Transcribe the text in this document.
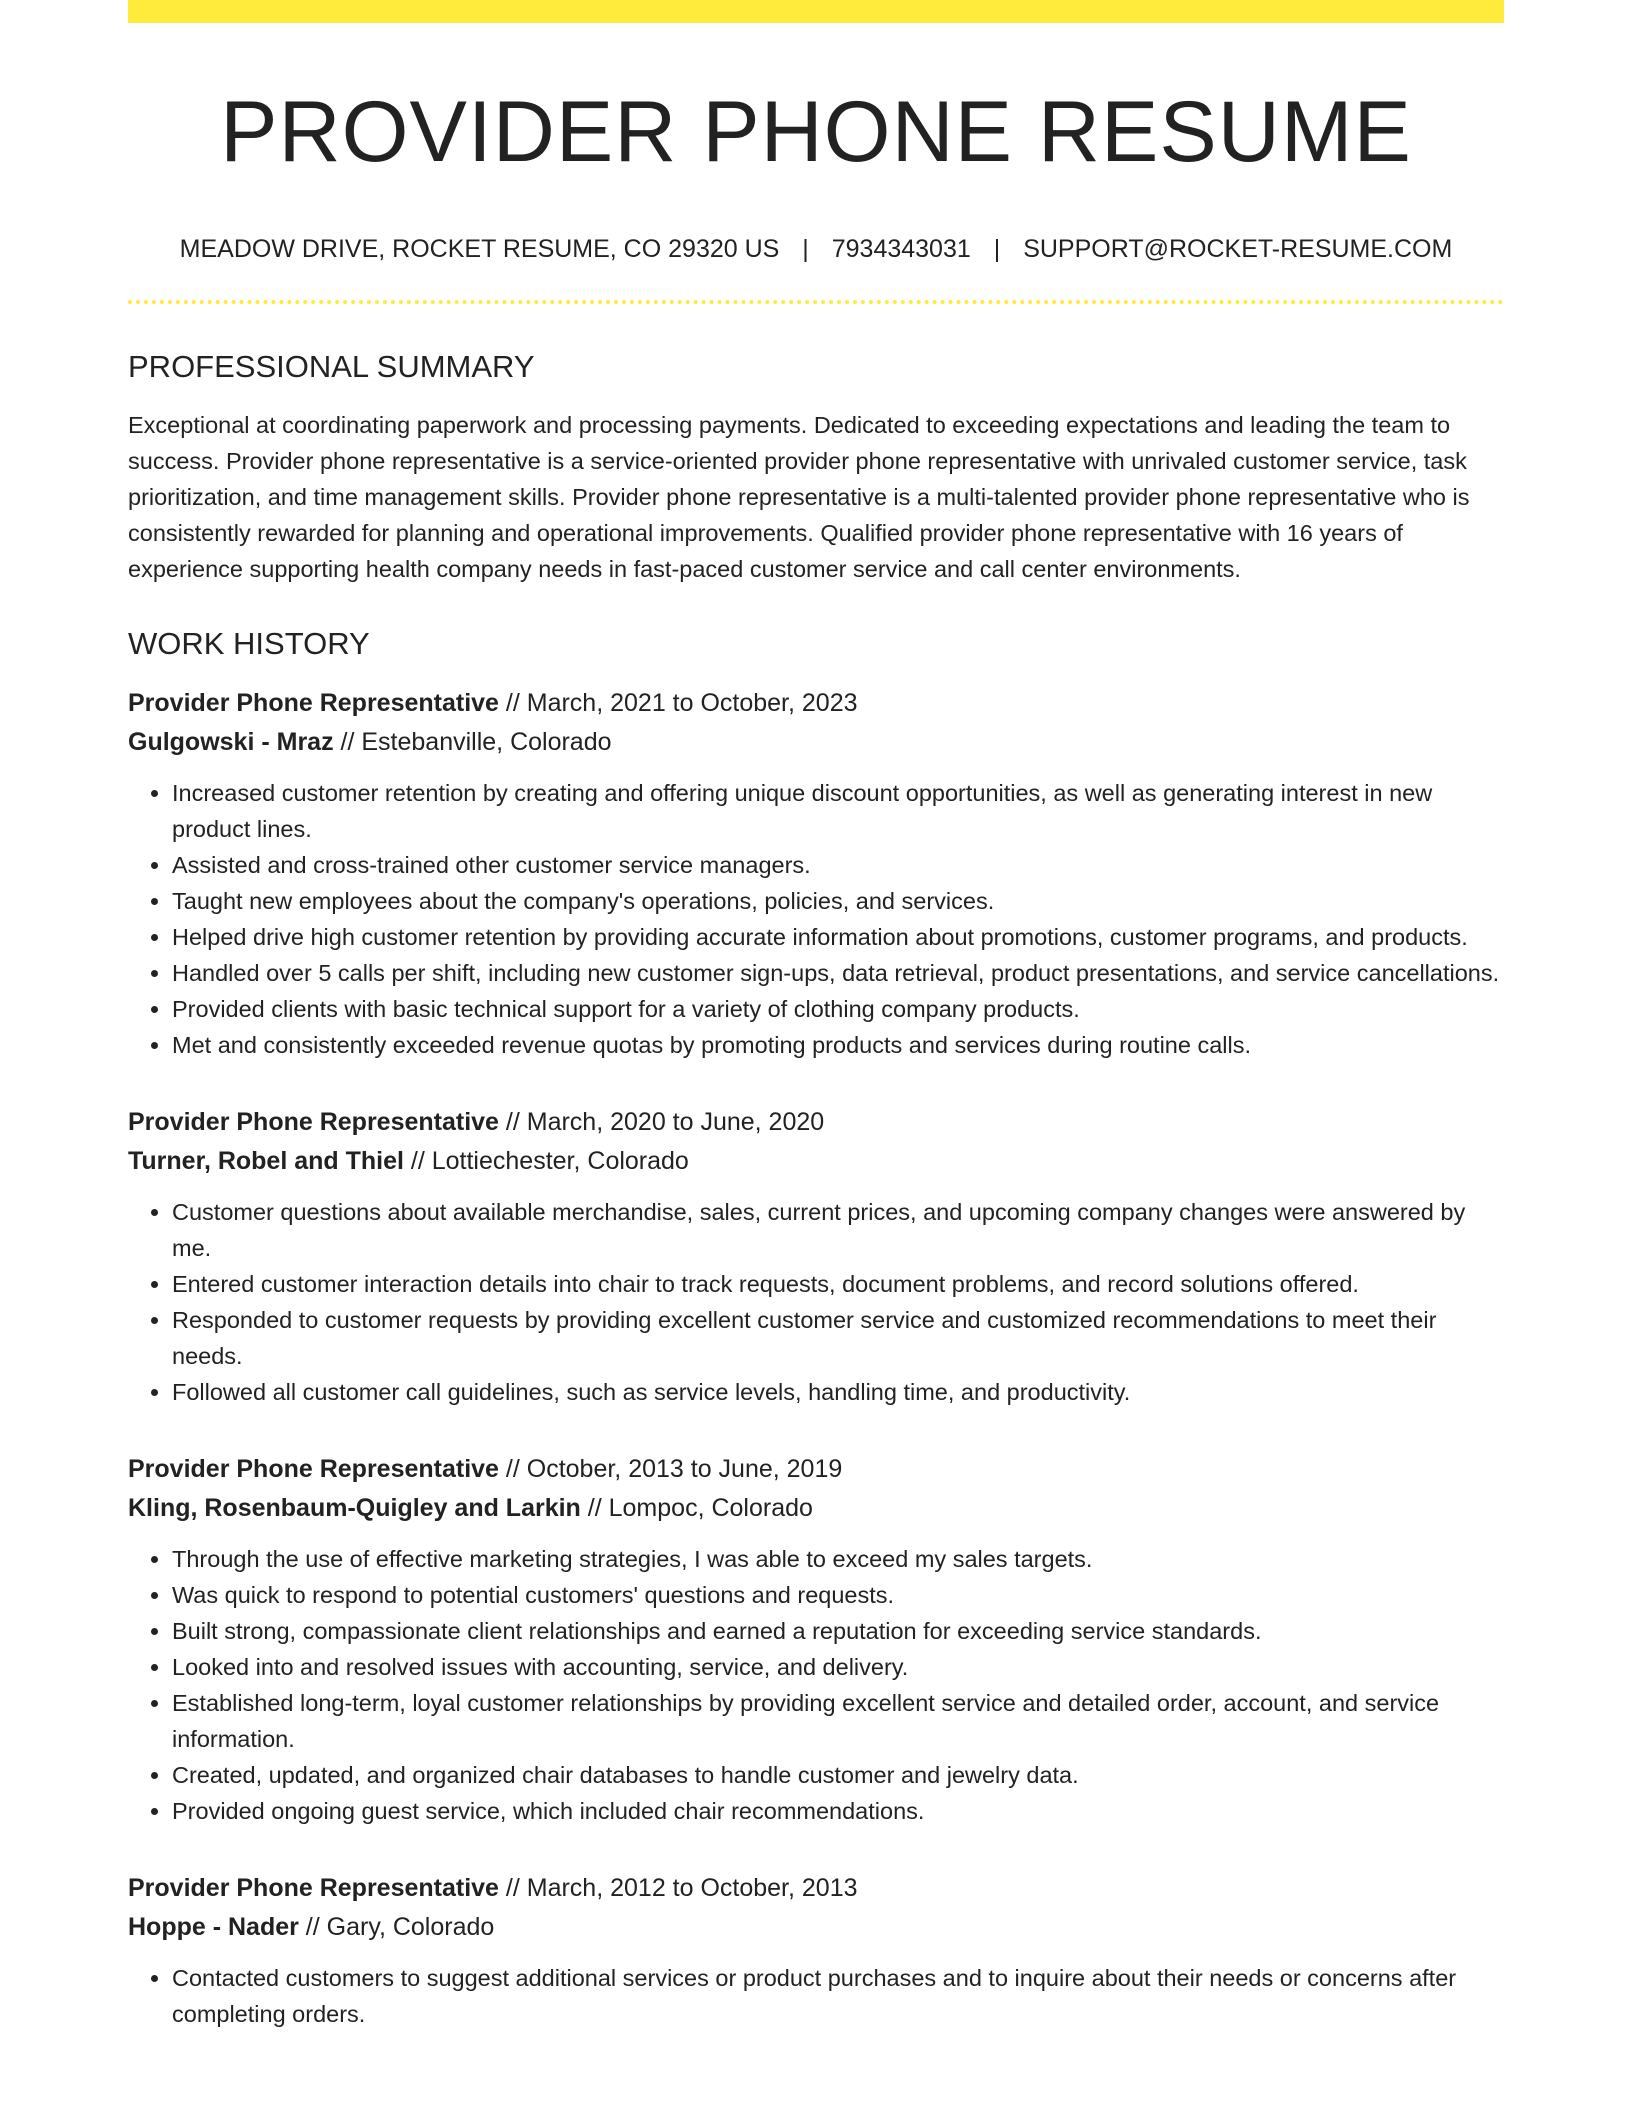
PROVIDER PHONE RESUME
MEADOW DRIVE, ROCKET RESUME, CO 29320 US | 7934343031 | SUPPORT@ROCKET-RESUME.COM
PROFESSIONAL SUMMARY

Exceptional at coordinating paperwork and processing payments. Dedicated to exceeding expectations and leading the team to success. Provider phone representative is a service-oriented provider phone representative with unrivaled customer service, task prioritization, and time management skills. Provider phone representative is a multi-talented provider phone representative who is consistently rewarded for planning and operational improvements. Qualified provider phone representative with 16 years of experience supporting health company needs in fast-paced customer service and call center environments.

WORK HISTORY
Provider Phone Representative // March, 2021 to October, 2023
Gulgowski - Mraz // Estebanville, Colorado
• Increased customer retention by creating and offering unique discount opportunities, as well as generating interest in new product lines.
• Assisted and cross-trained other customer service managers.
• Taught new employees about the company's operations, policies, and services.
• Helped drive high customer retention by providing accurate information about promotions, customer programs, and products.
• Handled over 5 calls per shift, including new customer sign-ups, data retrieval, product presentations, and service cancellations.
• Provided clients with basic technical support for a variety of clothing company products.
• Met and consistently exceeded revenue quotas by promoting products and services during routine calls.
Provider Phone Representative // March, 2020 to June, 2020
Turner, Robel and Thiel // Lottiechester, Colorado
• Customer questions about available merchandise, sales, current prices, and upcoming company changes were answered by me.
• Entered customer interaction details into chair to track requests, document problems, and record solutions offered.
• Responded to customer requests by providing excellent customer service and customized recommendations to meet their needs.
• Followed all customer call guidelines, such as service levels, handling time, and productivity.
Provider Phone Representative // October, 2013 to June, 2019
Kling, Rosenbaum-Quigley and Larkin // Lompoc, Colorado
• Through the use of effective marketing strategies, I was able to exceed my sales targets.
• Was quick to respond to potential customers' questions and requests.
• Built strong, compassionate client relationships and earned a reputation for exceeding service standards.
• Looked into and resolved issues with accounting, service, and delivery.
• Established long-term, loyal customer relationships by providing excellent service and detailed order, account, and service information.
• Created, updated, and organized chair databases to handle customer and jewelry data.
• Provided ongoing guest service, which included chair recommendations.
Provider Phone Representative // March, 2012 to October, 2013
Hoppe - Nader // Gary, Colorado
• Contacted customers to suggest additional services or product purchases and to inquire about their needs or concerns after completing orders.
